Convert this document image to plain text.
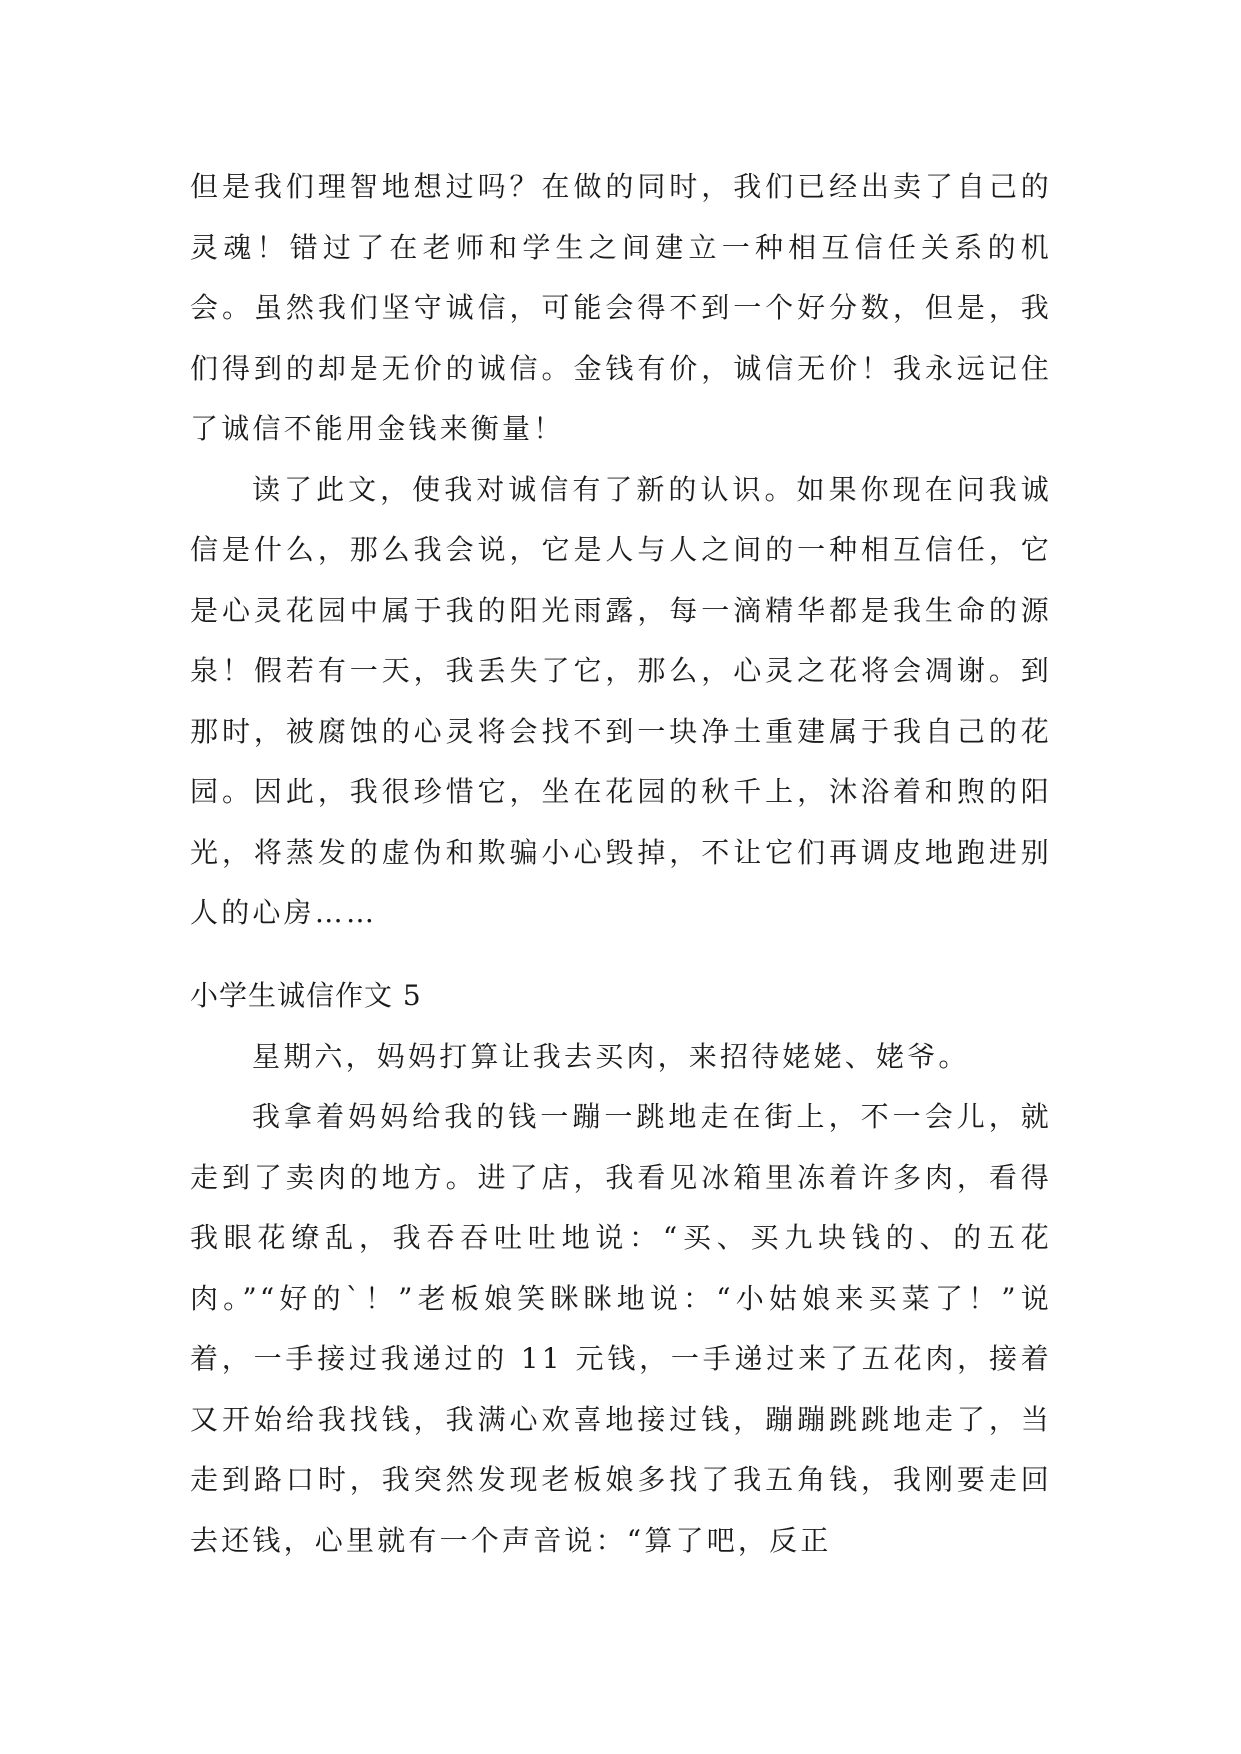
但是我们理智地想过吗？在做的同时，我们已经出卖了自己的灵魂！错过了在老师和学生之间建立一种相互信任关系的机会。虽然我们坚守诚信，可能会得不到一个好分数，但是，我们得到的却是无价的诚信。金钱有价，诚信无价！我永远记住了诚信不能用金钱来衡量！

读了此文，使我对诚信有了新的认识。如果你现在问我诚信是什么，那么我会说，它是人与人之间的一种相互信任，它是心灵花园中属于我的阳光雨露，每一滴精华都是我生命的源泉！假若有一天，我丢失了它，那么，心灵之花将会凋谢。到那时，被腐蚀的心灵将会找不到一块净土重建属于我自己的花园。因此，我很珍惜它，坐在花园的秋千上，沐浴着和煦的阳光，将蒸发的虚伪和欺骗小心毁掉，不让它们再调皮地跑进别人的心房……

小学生诚信作文 5

星期六，妈妈打算让我去买肉，来招待姥姥、姥爷。

我拿着妈妈给我的钱一蹦一跳地走在街上，不一会儿，就走到了卖肉的地方。进了店，我看见冰箱里冻着许多肉，看得我眼花缭乱，我吞吞吐吐地说：“买、买九块钱的、的五花肉。”“好的`！”老板娘笑眯眯地说：“小姑娘来买菜了！”说着，一手接过我递过的 11 元钱，一手递过来了五花肉，接着又开始给我找钱，我满心欢喜地接过钱，蹦蹦跳跳地走了，当走到路口时，我突然发现老板娘多找了我五角钱，我刚要走回去还钱，心里就有一个声音说：“算了吧，反正
